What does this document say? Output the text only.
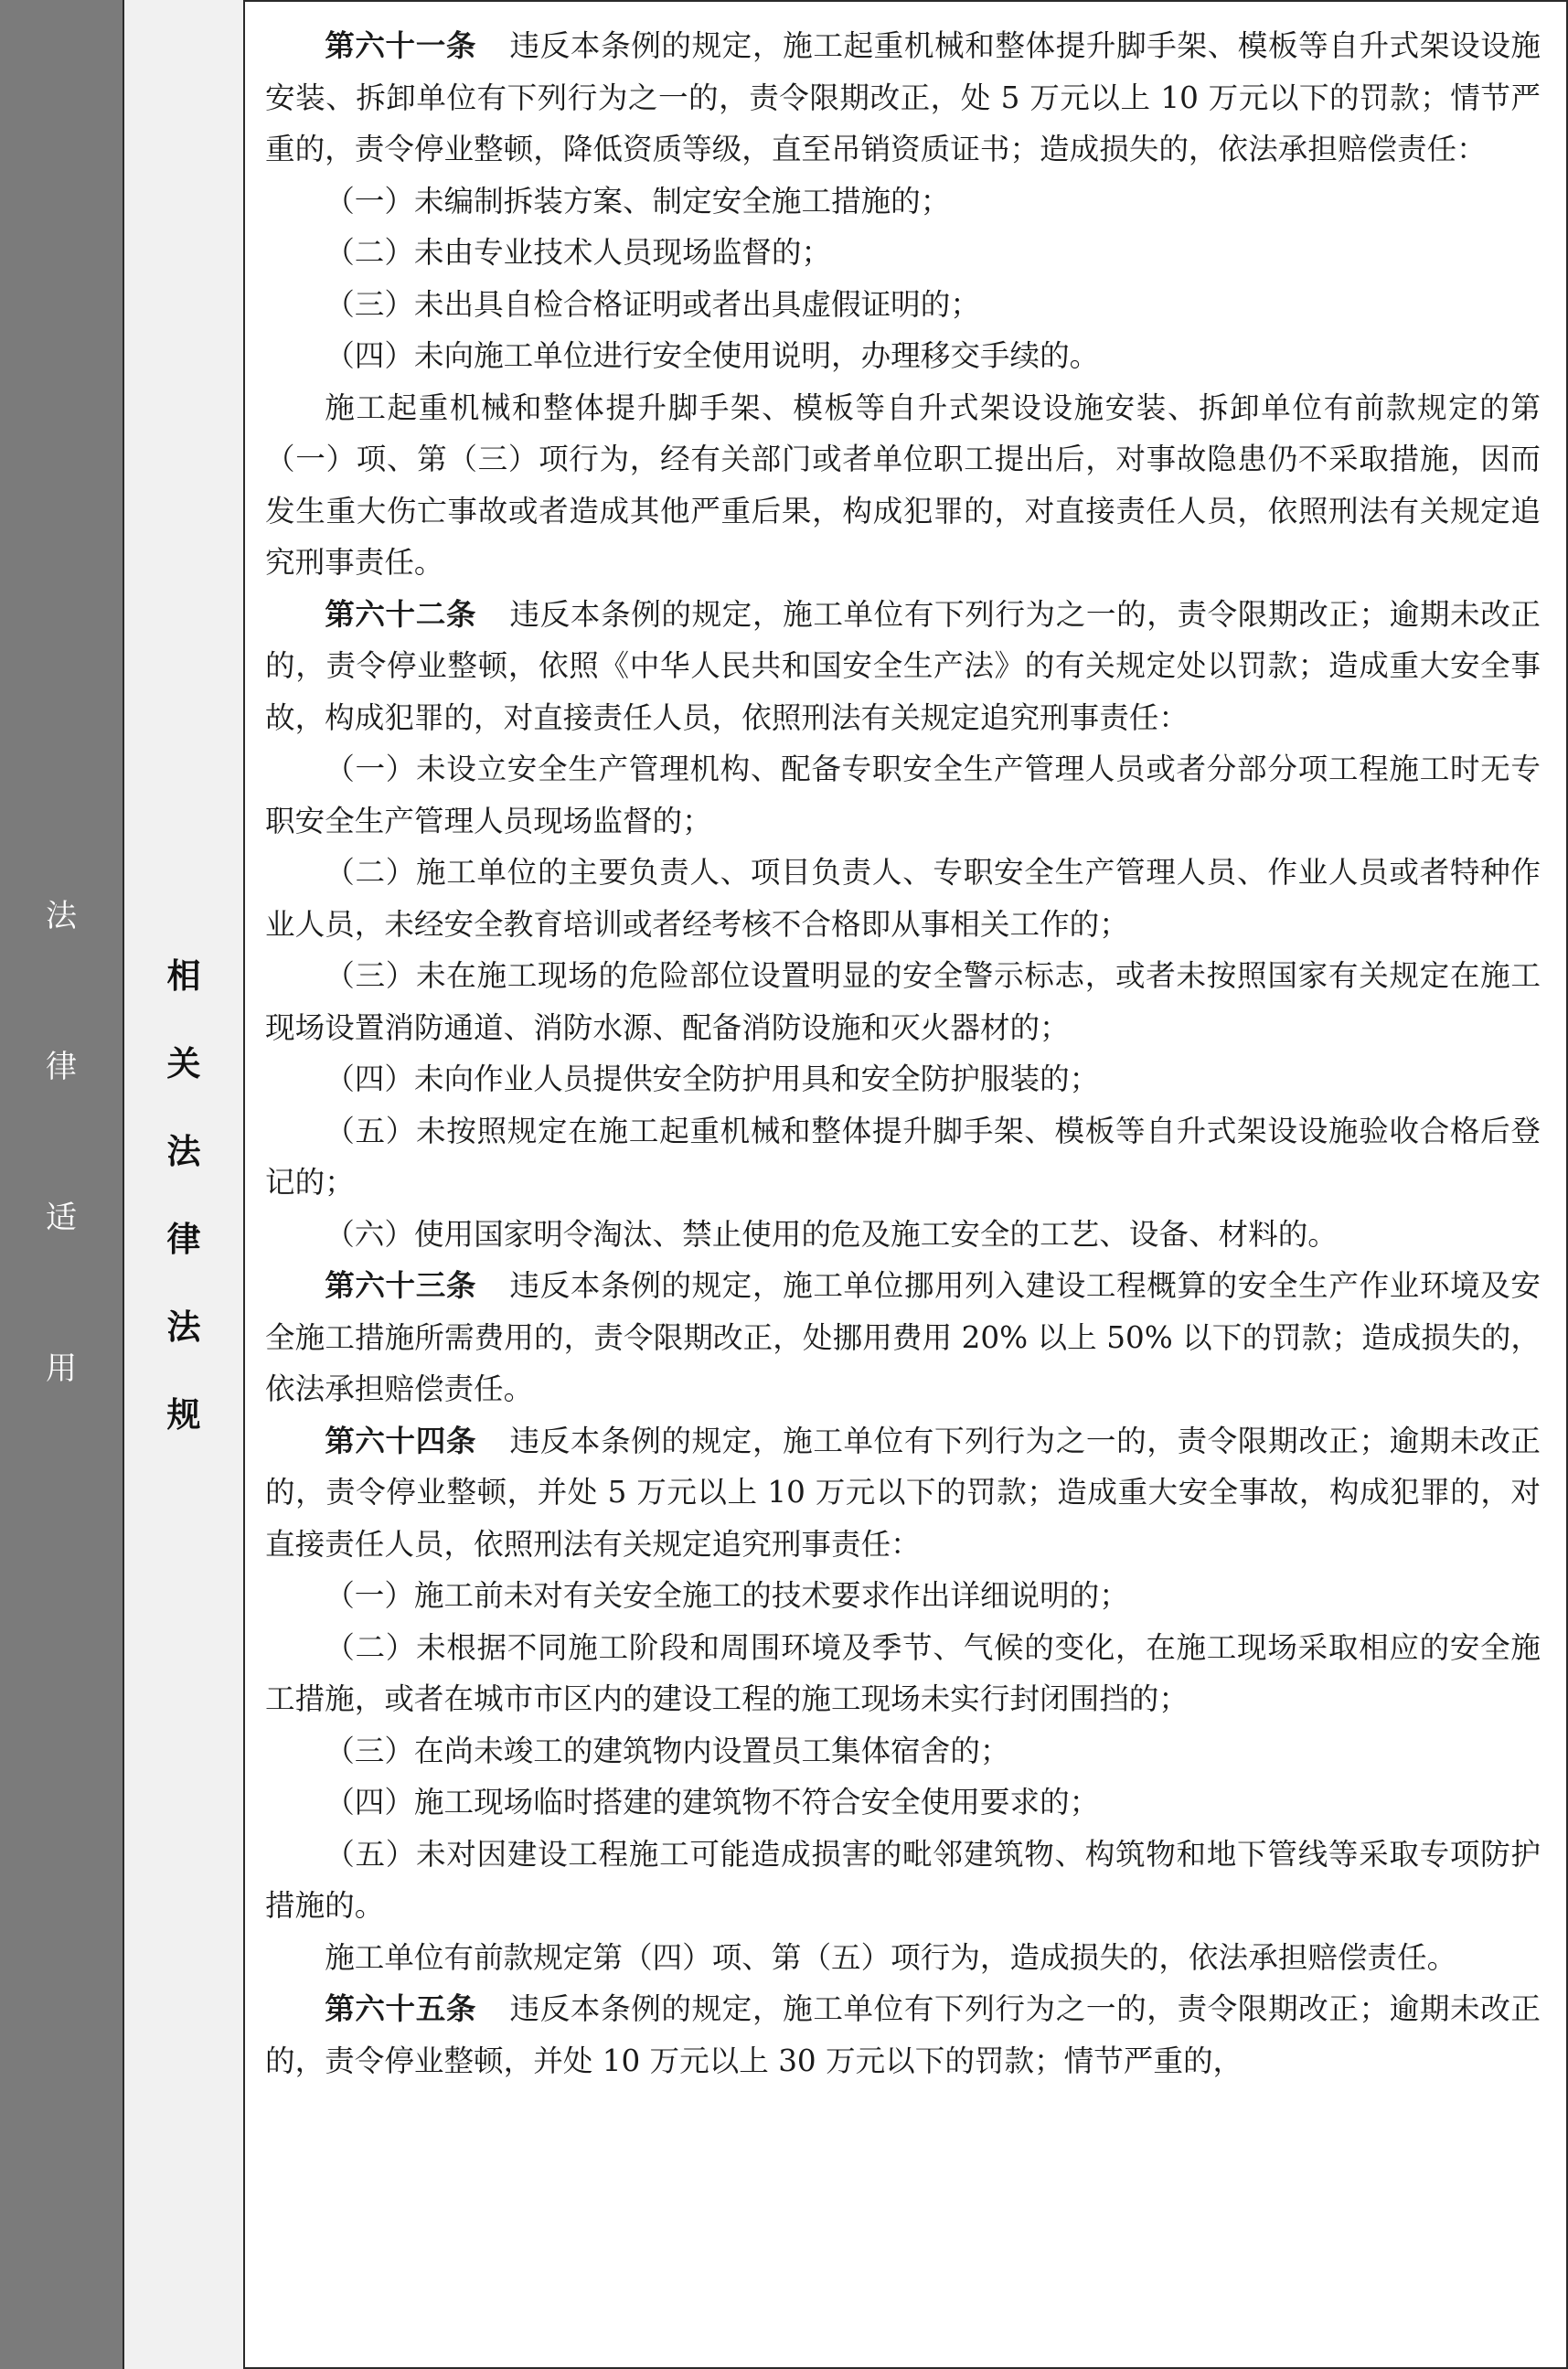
法
律
适
用
相
关
法
律
法
规

第六十一条 违反本条例的规定，施工起重机械和整体提升脚手架、模板等自升式架设设施安装、拆卸单位有下列行为之一的，责令限期改正，处 5 万元以上 10 万元以下的罚款；情节严重的，责令停业整顿，降低资质等级，直至吊销资质证书；造成损失的，依法承担赔偿责任：

（一）未编制拆装方案、制定安全施工措施的；

（二）未由专业技术人员现场监督的；

（三）未出具自检合格证明或者出具虚假证明的；

（四）未向施工单位进行安全使用说明，办理移交手续的。

施工起重机械和整体提升脚手架、模板等自升式架设设施安装、拆卸单位有前款规定的第（一）项、第（三）项行为，经有关部门或者单位职工提出后，对事故隐患仍不采取措施，因而发生重大伤亡事故或者造成其他严重后果，构成犯罪的，对直接责任人员，依照刑法有关规定追究刑事责任。

第六十二条 违反本条例的规定，施工单位有下列行为之一的，责令限期改正；逾期未改正的，责令停业整顿，依照《中华人民共和国安全生产法》的有关规定处以罚款；造成重大安全事故，构成犯罪的，对直接责任人员，依照刑法有关规定追究刑事责任：

（一）未设立安全生产管理机构、配备专职安全生产管理人员或者分部分项工程施工时无专职安全生产管理人员现场监督的；

（二）施工单位的主要负责人、项目负责人、专职安全生产管理人员、作业人员或者特种作业人员，未经安全教育培训或者经考核不合格即从事相关工作的；

（三）未在施工现场的危险部位设置明显的安全警示标志，或者未按照国家有关规定在施工现场设置消防通道、消防水源、配备消防设施和灭火器材的；

（四）未向作业人员提供安全防护用具和安全防护服装的；

（五）未按照规定在施工起重机械和整体提升脚手架、模板等自升式架设设施验收合格后登记的；

（六）使用国家明令淘汰、禁止使用的危及施工安全的工艺、设备、材料的。

第六十三条 违反本条例的规定，施工单位挪用列入建设工程概算的安全生产作业环境及安全施工措施所需费用的，责令限期改正，处挪用费用 20% 以上 50% 以下的罚款；造成损失的，依法承担赔偿责任。

第六十四条 违反本条例的规定，施工单位有下列行为之一的，责令限期改正；逾期未改正的，责令停业整顿，并处 5 万元以上 10 万元以下的罚款；造成重大安全事故，构成犯罪的，对直接责任人员，依照刑法有关规定追究刑事责任：

（一）施工前未对有关安全施工的技术要求作出详细说明的；

（二）未根据不同施工阶段和周围环境及季节、气候的变化，在施工现场采取相应的安全施工措施，或者在城市市区内的建设工程的施工现场未实行封闭围挡的；

（三）在尚未竣工的建筑物内设置员工集体宿舍的；

（四）施工现场临时搭建的建筑物不符合安全使用要求的；

（五）未对因建设工程施工可能造成损害的毗邻建筑物、构筑物和地下管线等采取专项防护措施的。

施工单位有前款规定第（四）项、第（五）项行为，造成损失的，依法承担赔偿责任。

第六十五条 违反本条例的规定，施工单位有下列行为之一的，责令限期改正；逾期未改正的，责令停业整顿，并处 10 万元以上 30 万元以下的罚款；情节严重的，
